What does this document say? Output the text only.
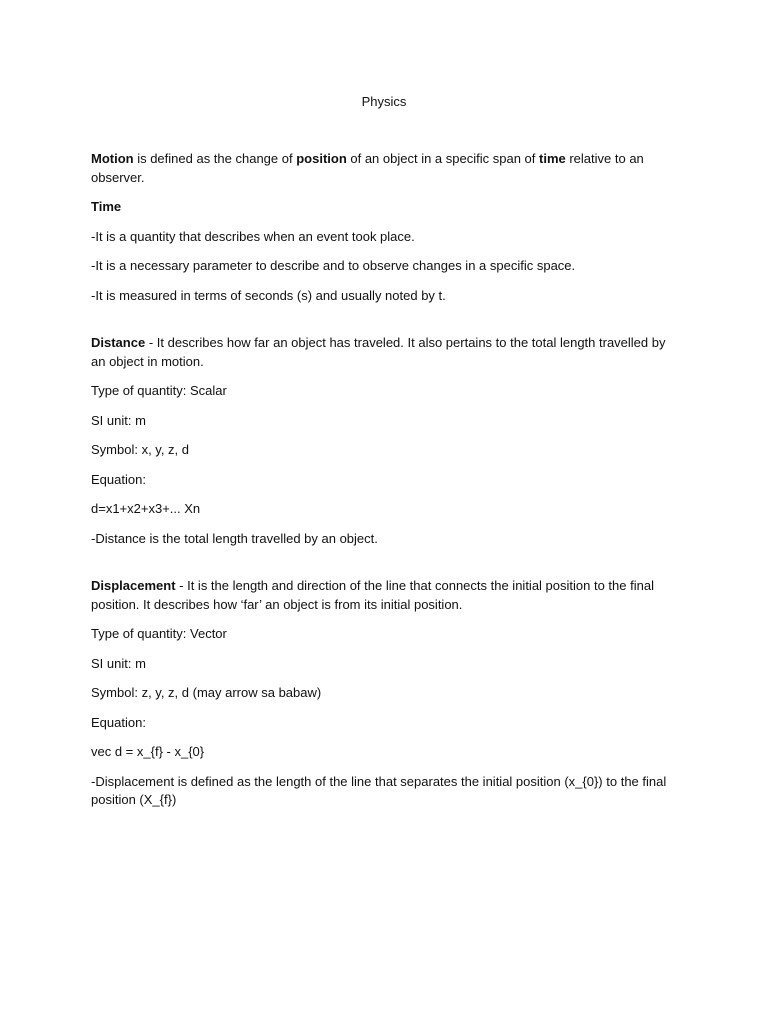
Physics

Motion is defined as the change of position of an object in a specific span of time relative to an observer.

Time

-It is a quantity that describes when an event took place.

-It is a necessary parameter to describe and to observe changes in a specific space.

-It is measured in terms of seconds (s) and usually noted by t.

Distance - It describes how far an object has traveled. It also pertains to the total length travelled by an object in motion.

Type of quantity: Scalar

SI unit: m

Symbol: x, y, z, d

Equation:

d=x1+x2+x3+... Xn

-Distance is the total length travelled by an object.

Displacement - It is the length and direction of the line that connects the initial position to the final position. It describes how ‘far’ an object is from its initial position.

Type of quantity: Vector

SI unit: m

Symbol: z, y, z, d (may arrow sa babaw)

Equation:

vec d = x_{f} - x_{0}

-Displacement is defined as the length of the line that separates the initial position (x_{0}) to the final position (X_{f})
